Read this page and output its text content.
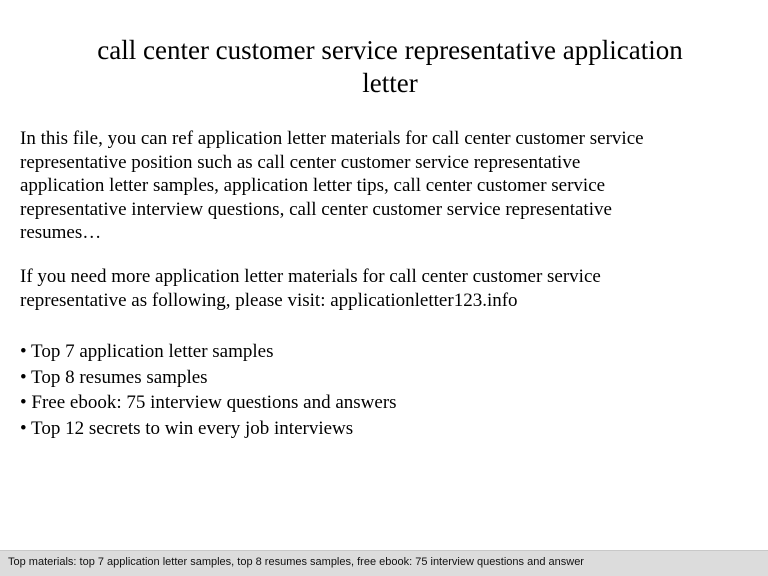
call center customer service representative application
letter
In this file, you can ref application letter materials for call center customer service
representative position such as call center customer service representative
application letter samples, application letter tips, call center customer service
representative interview questions, call center customer service representative
resumes…
If you need more application letter materials for call center customer service
representative as following, please visit: applicationletter123.info
• Top 7 application letter samples
• Top 8 resumes samples
• Free ebook: 75 interview questions and answers
• Top 12 secrets to win every job interviews
Top materials: top 7 application letter samples, top 8 resumes samples, free ebook: 75 interview questions and answer
